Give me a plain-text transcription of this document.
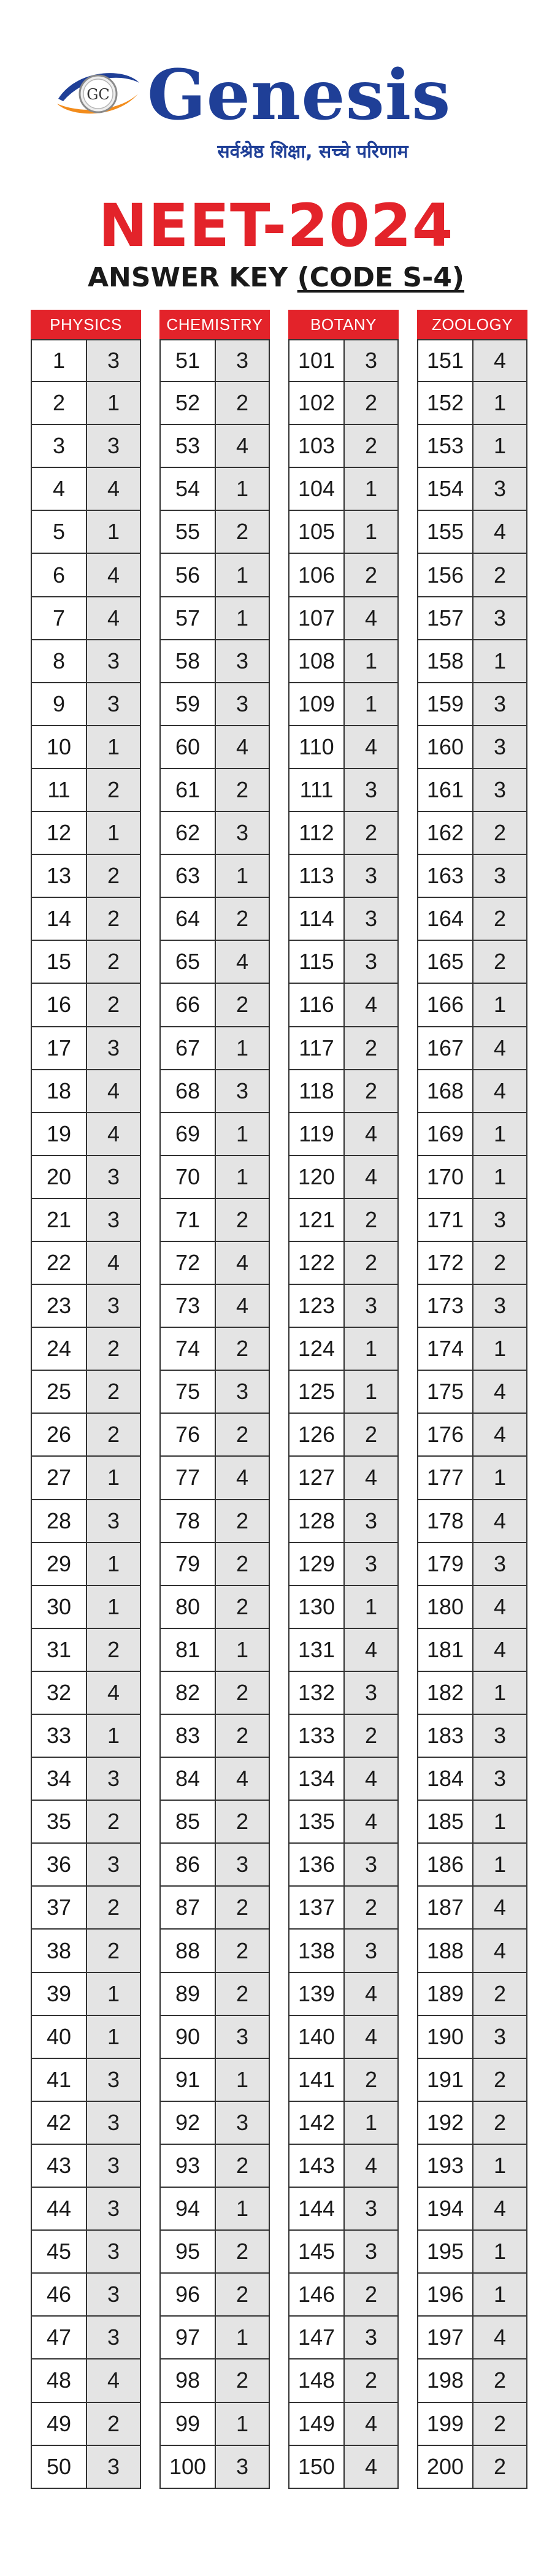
GC Genesis
सर्वश्रेष्ठ शिक्षा, सच्चे परिणाम
NEET-2024
ANSWER KEY (CODE S-4)
PHYSICS
1	3
2	1
3	3
4	4
5	1
6	4
7	4
8	3
9	3
10	1
11	2
12	1
13	2
14	2
15	2
16	2
17	3
18	4
19	4
20	3
21	3
22	4
23	3
24	2
25	2
26	2
27	1
28	3
29	1
30	1
31	2
32	4
33	1
34	3
35	2
36	3
37	2
38	2
39	1
40	1
41	3
42	3
43	3
44	3
45	3
46	3
47	3
48	4
49	2
50	3
CHEMISTRY
51	3
52	2
53	4
54	1
55	2
56	1
57	1
58	3
59	3
60	4
61	2
62	3
63	1
64	2
65	4
66	2
67	1
68	3
69	1
70	1
71	2
72	4
73	4
74	2
75	3
76	2
77	4
78	2
79	2
80	2
81	1
82	2
83	2
84	4
85	2
86	3
87	2
88	2
89	2
90	3
91	1
92	3
93	2
94	1
95	2
96	2
97	1
98	2
99	1
100	3
BOTANY
101	3
102	2
103	2
104	1
105	1
106	2
107	4
108	1
109	1
110	4
111	3
112	2
113	3
114	3
115	3
116	4
117	2
118	2
119	4
120	4
121	2
122	2
123	3
124	1
125	1
126	2
127	4
128	3
129	3
130	1
131	4
132	3
133	2
134	4
135	4
136	3
137	2
138	3
139	4
140	4
141	2
142	1
143	4
144	3
145	3
146	2
147	3
148	2
149	4
150	4
ZOOLOGY
151	4
152	1
153	1
154	3
155	4
156	2
157	3
158	1
159	3
160	3
161	3
162	2
163	3
164	2
165	2
166	1
167	4
168	4
169	1
170	1
171	3
172	2
173	3
174	1
175	4
176	4
177	1
178	4
179	3
180	4
181	4
182	1
183	3
184	3
185	1
186	1
187	4
188	4
189	2
190	3
191	2
192	2
193	1
194	4
195	1
196	1
197	4
198	2
199	2
200	2
